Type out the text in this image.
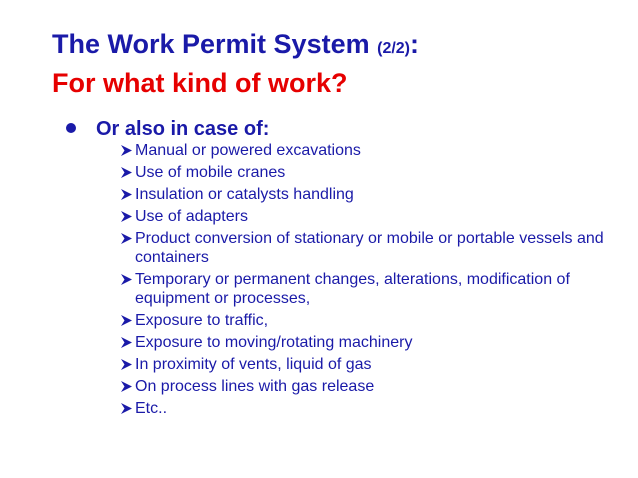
The Work Permit System (2/2):
For what kind of work?
Or also in case of:
Manual or powered excavations
Use of mobile cranes
Insulation or catalysts handling
Use of adapters
Product conversion of stationary or mobile or portable vessels and containers
Temporary or permanent changes, alterations, modification of equipment or processes,
Exposure to traffic,
Exposure to moving/rotating machinery
In proximity of vents, liquid of gas
On process lines with gas release
Etc..
